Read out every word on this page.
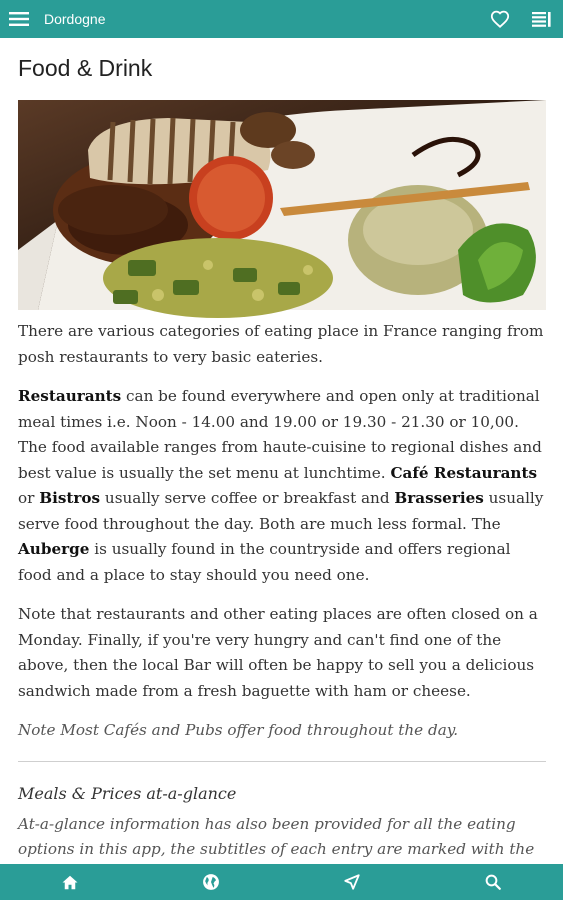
Dordogne
Food & Drink

There are various categories of eating place in France ranging from posh restaurants to very basic eateries.

Restaurants can be found everywhere and open only at traditional meal times i.e. Noon - 14.00 and 19.00 or 19.30 - 21.30 or 10,00. The food available ranges from haute-cuisine to regional dishes and best value is usually the set menu at lunchtime. Café Restaurants or Bistros usually serve coffee or breakfast and Brasseries usually serve food throughout the day. Both are much less formal. The Auberge is usually found in the countryside and offers regional food and a place to stay should you need one.

Note that restaurants and other eating places are often closed on a Monday. Finally, if you're very hungry and can't find one of the above, then the local Bar will often be happy to sell you a delicious sandwich made from a fresh baguette with ham or cheese.

Note Most Cafés and Pubs offer food throughout the day.

Meals & Prices at-a-glance

At-a-glance information has also been provided for all the eating options in this app, the subtitles of each entry are marked with the
